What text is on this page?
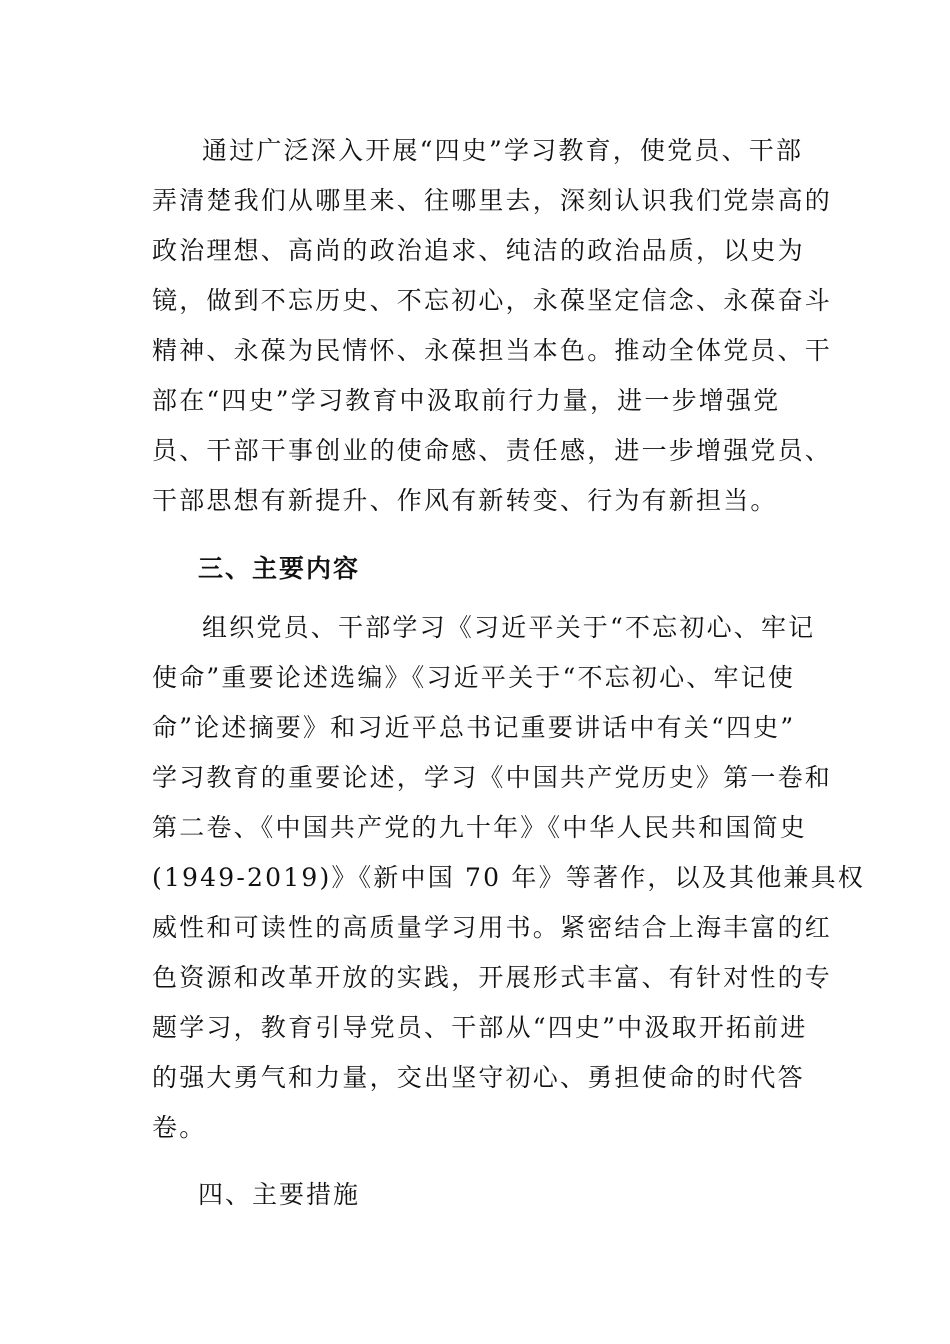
通过广泛深入开展“四史”学习教育，使党员、干部
弄清楚我们从哪里来、往哪里去，深刻认识我们党崇高的
政治理想、高尚的政治追求、纯洁的政治品质，以史为
镜，做到不忘历史、不忘初心，永葆坚定信念、永葆奋斗
精神、永葆为民情怀、永葆担当本色。推动全体党员、干
部在“四史”学习教育中汲取前行力量，进一步增强党
员、干部干事创业的使命感、责任感，进一步增强党员、
干部思想有新提升、作风有新转变、行为有新担当。
三、主要内容
组织党员、干部学习《习近平关于“不忘初心、牢记
使命”重要论述选编》《习近平关于“不忘初心、牢记使
命”论述摘要》和习近平总书记重要讲话中有关“四史”
学习教育的重要论述，学习《中国共产党历史》第一卷和
第二卷、《中国共产党的九十年》《中华人民共和国简史
(1949-2019)》《新中国 70 年》等著作，以及其他兼具权
威性和可读性的高质量学习用书。紧密结合上海丰富的红
色资源和改革开放的实践，开展形式丰富、有针对性的专
题学习，教育引导党员、干部从“四史”中汲取开拓前进
的强大勇气和力量，交出坚守初心、勇担使命的时代答
卷。
四、主要措施
